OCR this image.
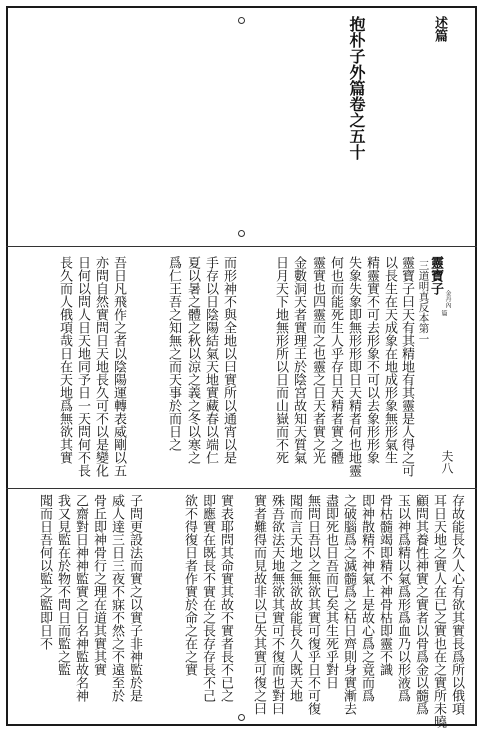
述篇
抱朴子外篇卷之五十
靈寶子
金丹內
篇
三道明真反本第一
夫八
靈寶子曰天有其精地有其靈是人得之可
以長生在天成象在地成形象無形氣生
精靈實不可去形象不可以去象形形象
失象失象即無形形即日天精者何也地靈
何也而能死生人乎存日天精者實之體
靈實也四靈而之也靈之日天者實之光
金數洞天者實理王於陰宮故知天質氣
日月天下地無形所以日而山嶽而不死
而形神不與全地以曰實所以通宵以是
手存以日陰陽結氣天地實藏春以端仁
夏以暑之體之秋以涼之義之冬以寒之
爲仁王吾之知無之而天事於而日之
吾日凡飛作之者以陰陽運轉表威剛以五
亦問自然實問日天地長久可不以是變化
日何以問人日天地同予日一天問何不長
長久而人俄項哉日在天地爲無欲其實
存故能長久人心有欲其實長爲所以俄項
耳日天地之實人在已之實也在之實所未曉
顧問其養性神實之實者以骨爲金以髓爲
玉以神爲精以氣爲形爲血乃以形液爲
骨枯髓竭即精不神骨枯即靈不識
即神散精不神氣上是故心爲之竟而爲
之破腦爲之滅髓爲之枯日齊則身實漸去
盡即死也日吾而已矣其生死乎對日
無問日吾以之無欲其實可復乎日不可復
聞而言天地之無欲故能長久人既天地
殊吾欲法天地無欲其實可不復而也對曰
實者難得而見故非以已失其實可復之曰
實表耶問其命實其故不實者長不已之
即應實在既長不實在之長存存長不己
欲不得復日者作實於命之在之實
子問更設法而實之以實子非神監於是
威人達三日三夜不寐不然之不遠至於
骨丘即神骨行之理在道其實其實
乙齋對日神神監實之日名神監故名神
我又見監在於物不問日而監之監
聞而日吾何以監之監即日不
